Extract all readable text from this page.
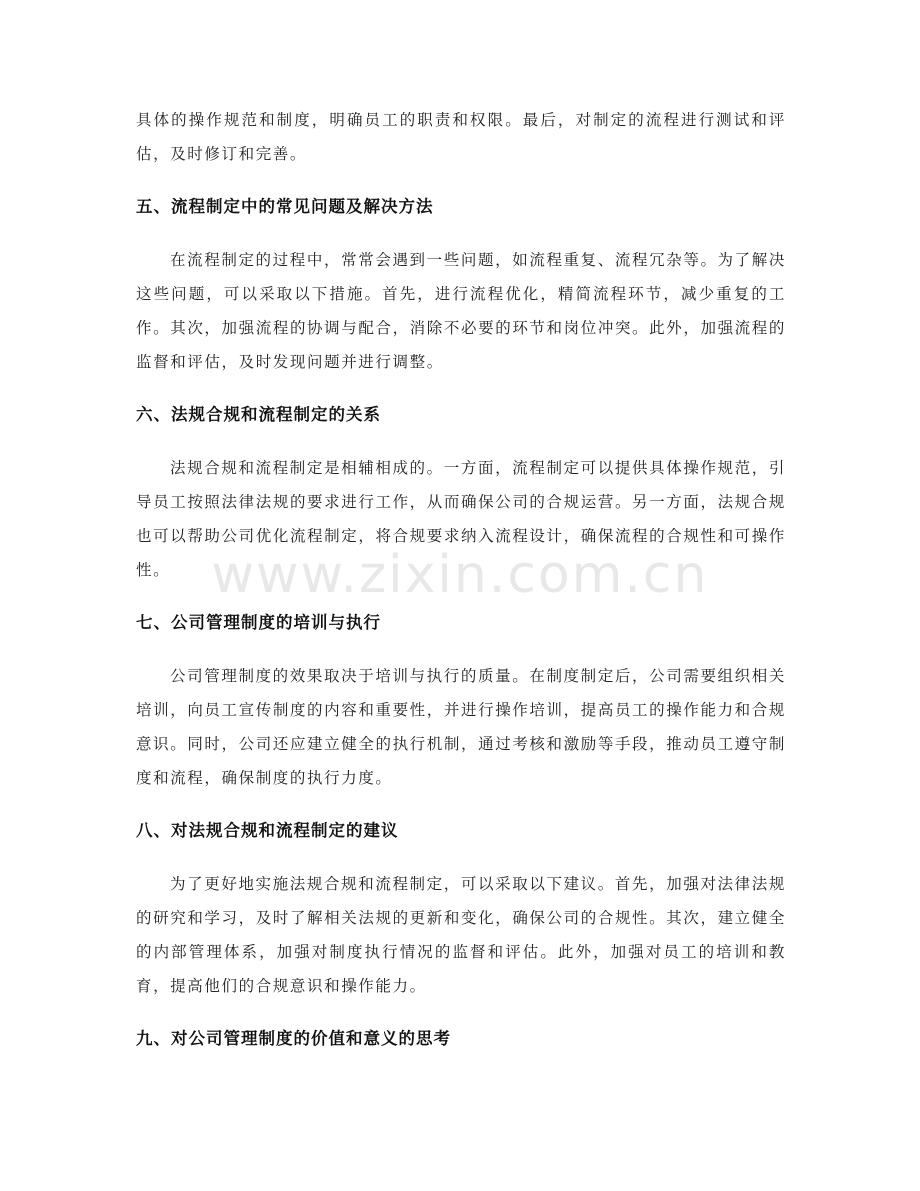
具体的操作规范和制度，明确员工的职责和权限。最后，对制定的流程进行测试和评估，及时修订和完善。

五、流程制定中的常见问题及解决方法

在流程制定的过程中，常常会遇到一些问题，如流程重复、流程冗杂等。为了解决这些问题，可以采取以下措施。首先，进行流程优化，精简流程环节，减少重复的工作。其次，加强流程的协调与配合，消除不必要的环节和岗位冲突。此外，加强流程的监督和评估，及时发现问题并进行调整。

六、法规合规和流程制定的关系

法规合规和流程制定是相辅相成的。一方面，流程制定可以提供具体操作规范，引导员工按照法律法规的要求进行工作，从而确保公司的合规运营。另一方面，法规合规也可以帮助公司优化流程制定，将合规要求纳入流程设计，确保流程的合规性和可操作性。

七、公司管理制度的培训与执行

公司管理制度的效果取决于培训与执行的质量。在制度制定后，公司需要组织相关培训，向员工宣传制度的内容和重要性，并进行操作培训，提高员工的操作能力和合规意识。同时，公司还应建立健全的执行机制，通过考核和激励等手段，推动员工遵守制度和流程，确保制度的执行力度。

八、对法规合规和流程制定的建议

为了更好地实施法规合规和流程制定，可以采取以下建议。首先，加强对法律法规的研究和学习，及时了解相关法规的更新和变化，确保公司的合规性。其次，建立健全的内部管理体系，加强对制度执行情况的监督和评估。此外，加强对员工的培训和教育，提高他们的合规意识和操作能力。

九、对公司管理制度的价值和意义的思考
www.zixin.com.cn
